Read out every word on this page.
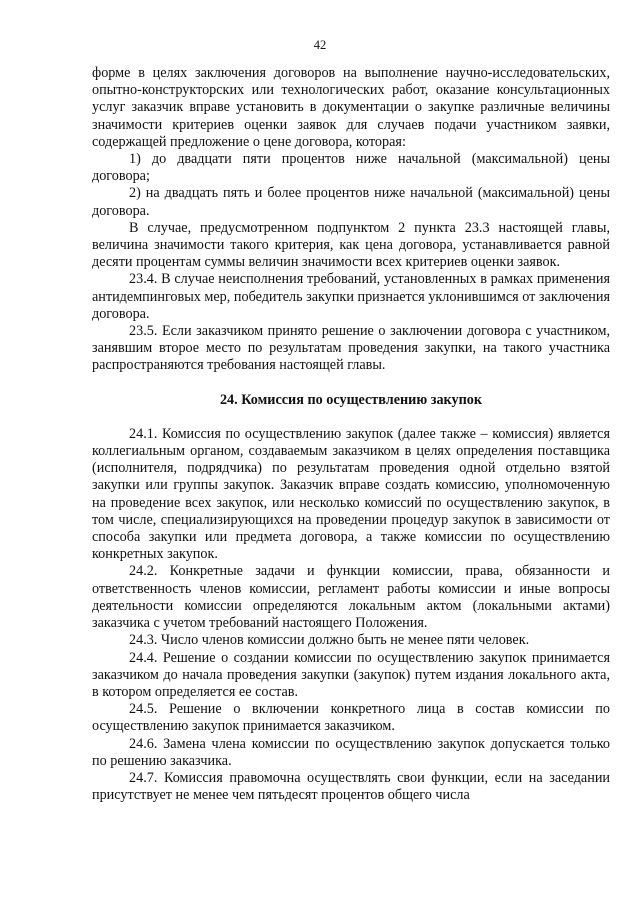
42

форме в целях заключения договоров на выполнение научно-исследовательских, опытно-конструкторских или технологических работ, оказание консультационных услуг заказчик вправе установить в документации о закупке различные величины значимости критериев оценки заявок для случаев подачи участником заявки, содержащей предложение о цене договора, которая:

1) до двадцати пяти процентов ниже начальной (максимальной) цены договора;

2) на двадцать пять и более процентов ниже начальной (максимальной) цены договора.

В случае, предусмотренном подпунктом 2 пункта 23.3 настоящей главы, величина значимости такого критерия, как цена договора, устанавливается равной десяти процентам суммы величин значимости всех критериев оценки заявок.

23.4. В случае неисполнения требований, установленных в рамках применения антидемпинговых мер, победитель закупки признается уклонившимся от заключения договора.

23.5. Если заказчиком принято решение о заключении договора с участником, занявшим второе место по результатам проведения закупки, на такого участника распространяются требования настоящей главы.

24. Комиссия по осуществлению закупок

24.1. Комиссия по осуществлению закупок (далее также – комиссия) является коллегиальным органом, создаваемым заказчиком в целях определения поставщика (исполнителя, подрядчика) по результатам проведения одной отдельно взятой закупки или группы закупок. Заказчик вправе создать комиссию, уполномоченную на проведение всех закупок, или несколько комиссий по осуществлению закупок, в том числе, специализирующихся на проведении процедур закупок в зависимости от способа закупки или предмета договора, а также комиссии по осуществлению конкретных закупок.

24.2. Конкретные задачи и функции комиссии, права, обязанности и ответственность членов комиссии, регламент работы комиссии и иные вопросы деятельности комиссии определяются локальным актом (локальными актами) заказчика с учетом требований настоящего Положения.

24.3. Число членов комиссии должно быть не менее пяти человек.

24.4. Решение о создании комиссии по осуществлению закупок принимается заказчиком до начала проведения закупки (закупок) путем издания локального акта, в котором определяется ее состав.

24.5. Решение о включении конкретного лица в состав комиссии по осуществлению закупок принимается заказчиком.

24.6. Замена члена комиссии по осуществлению закупок допускается только по решению заказчика.

24.7. Комиссия правомочна осуществлять свои функции, если на заседании присутствует не менее чем пятьдесят процентов общего числа
